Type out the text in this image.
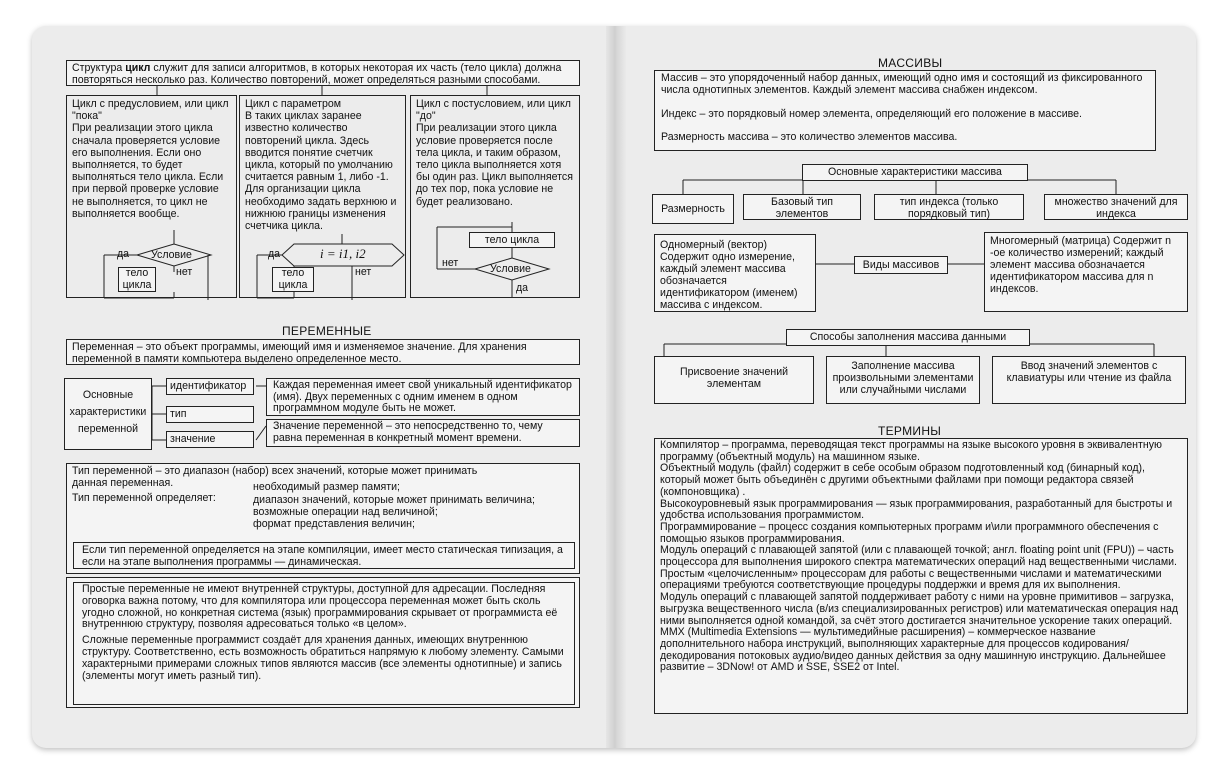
Структура цикл служит для записи алгоритмов, в которых некоторая их часть (тело цикла) должна повторяться несколько раз. Количество повторений, может определяться разными способами.
Цикл с предусловием, или цикл "пока"
При реализации этого цикла сначала проверяется условие его выполнения. Если оно выполняется, то будет выполняться тело цикла. Если при первой проверке условие не выполняется, то цикл не выполняется вообще.
Цикл с параметром
В таких циклах заранее известно количество повторений цикла. Здесь вводится понятие счетчик цикла, который по умолчанию считается равным 1, либо -1. Для организации цикла необходимо задать верхнюю и нижнюю границы изменения счетчика цикла.
Цикл с постусловием, или цикл "до"
При реализации этого цикла условие проверяется после тела цикла, и таким образом, тело цикла выполняется хотя бы один раз. Цикл выполняется до тех пор, пока условие не будет реализовано.
Условие
да
нет
тело
цикла
i = i1, i2
да
нет
тело
цикла
тело цикла
Условие
нет
да
ПЕРЕМЕННЫЕ
Переменная – это объект программы, имеющий имя и изменяемое значение. Для хранения переменной в памяти компьютера выделено определенное место.
Основные характеристики переменной
идентификатор
тип
значение
Каждая переменная имеет свой уникальный идентификатор (имя). Двух переменных с одним именем в одном программном модуле быть не может.
Значение переменной – это непосредственно то, чему равна переменная в конкретный момент времени.
Тип переменной – это диапазон (набор) всех значений, которые может принимать данная переменная.
Тип переменной определяет:
необходимый размер памяти;
диапазон значений, которые может принимать величина;
возможные операции над величиной;
формат представления величин;
Если тип переменной определяется на этапе компиляции, имеет место статическая типизация, а если на этапе выполнения программы — динамическая.

Простые переменные не имеют внутренней структуры, доступной для адресации. Последняя оговорка важна потому, что для компилятора или процессора переменная может быть сколь угодно сложной, но конкретная система (язык) программирования скрывает от программиста её внутреннюю структуру, позволяя адресоваться только «в целом».

Сложные переменные программист создаёт для хранения данных, имеющих внутреннюю структуру. Соответственно, есть возможность обратиться напрямую к любому элементу. Самыми характерными примерами сложных типов являются массив (все элементы однотипные) и запись (элементы могут иметь разный тип).

МАССИВЫ

Массив – это упорядоченный набор данных, имеющий одно имя и состоящий из фиксированного числа однотипных элементов. Каждый элемент массива снабжен индексом.

Индекс – это порядковый номер элемента, определяющий его положение в массиве.

Размерность массива – это количество элементов массива.

Основные характеристики массива
Размерность
Базовый тип элементов
тип индекса (только порядковый тип)
множество значений для индекса
Одномерный (вектор) Содержит одно измерение, каждый элемент массива обозначается идентификатором (именем) массива с индексом.
Виды массивов
Многомерный (матрица) Содержит n -ое количество измерений; каждый элемент массива обозначается идентификатором массива для n индексов.
Способы заполнения массива данными
Присвоение значений элементам
Заполнение массива произвольными элементами или случайными числами
Ввод значений элементов с клавиатуры или чтение из файла
ТЕРМИНЫ

Компилятор – программа, переводящая текст программы на языке высокого уровня в эквивалентную программу (объектный модуль) на машинном языке.

Объектный модуль (файл) содержит в себе особым образом подготовленный код (бинарный код), который может быть объединён с другими объектными файлами при помощи редактора связей (компоновщика) .

Высокоуровневый язык программирования — язык программирования, разработанный для быстроты и удобства использования программистом.

Программирование – процесс создания компьютерных программ и\или программного обеспечения с помощью языков программирования.

Модуль операций с плавающей запятой (или с плавающей точкой; англ. floating point unit (FPU)) – часть процессора для выполнения широкого спектра математических операций над вещественными числами. Простым «целочисленным» процессорам для работы с вещественными числами и математическими операциями требуются соответствующие процедуры поддержки и время для их выполнения.

Модуль операций с плавающей запятой поддерживает работу с ними на уровне примитивов – загрузка, выгрузка вещественного числа (в/из специализированных регистров) или математическая операция над ними выполняется одной командой, за счёт этого достигается значительное ускорение таких операций.

MMX (Multimedia Extensions — мультимедийные расширения) – коммерческое название дополнительного набора инструкций, выполняющих характерные для процессов кодирования/декодирования потоковых аудио/видео данных действия за одну машинную инструкцию. Дальнейшее развитие – 3DNow! от AMD и SSE, SSE2 от Intel.
